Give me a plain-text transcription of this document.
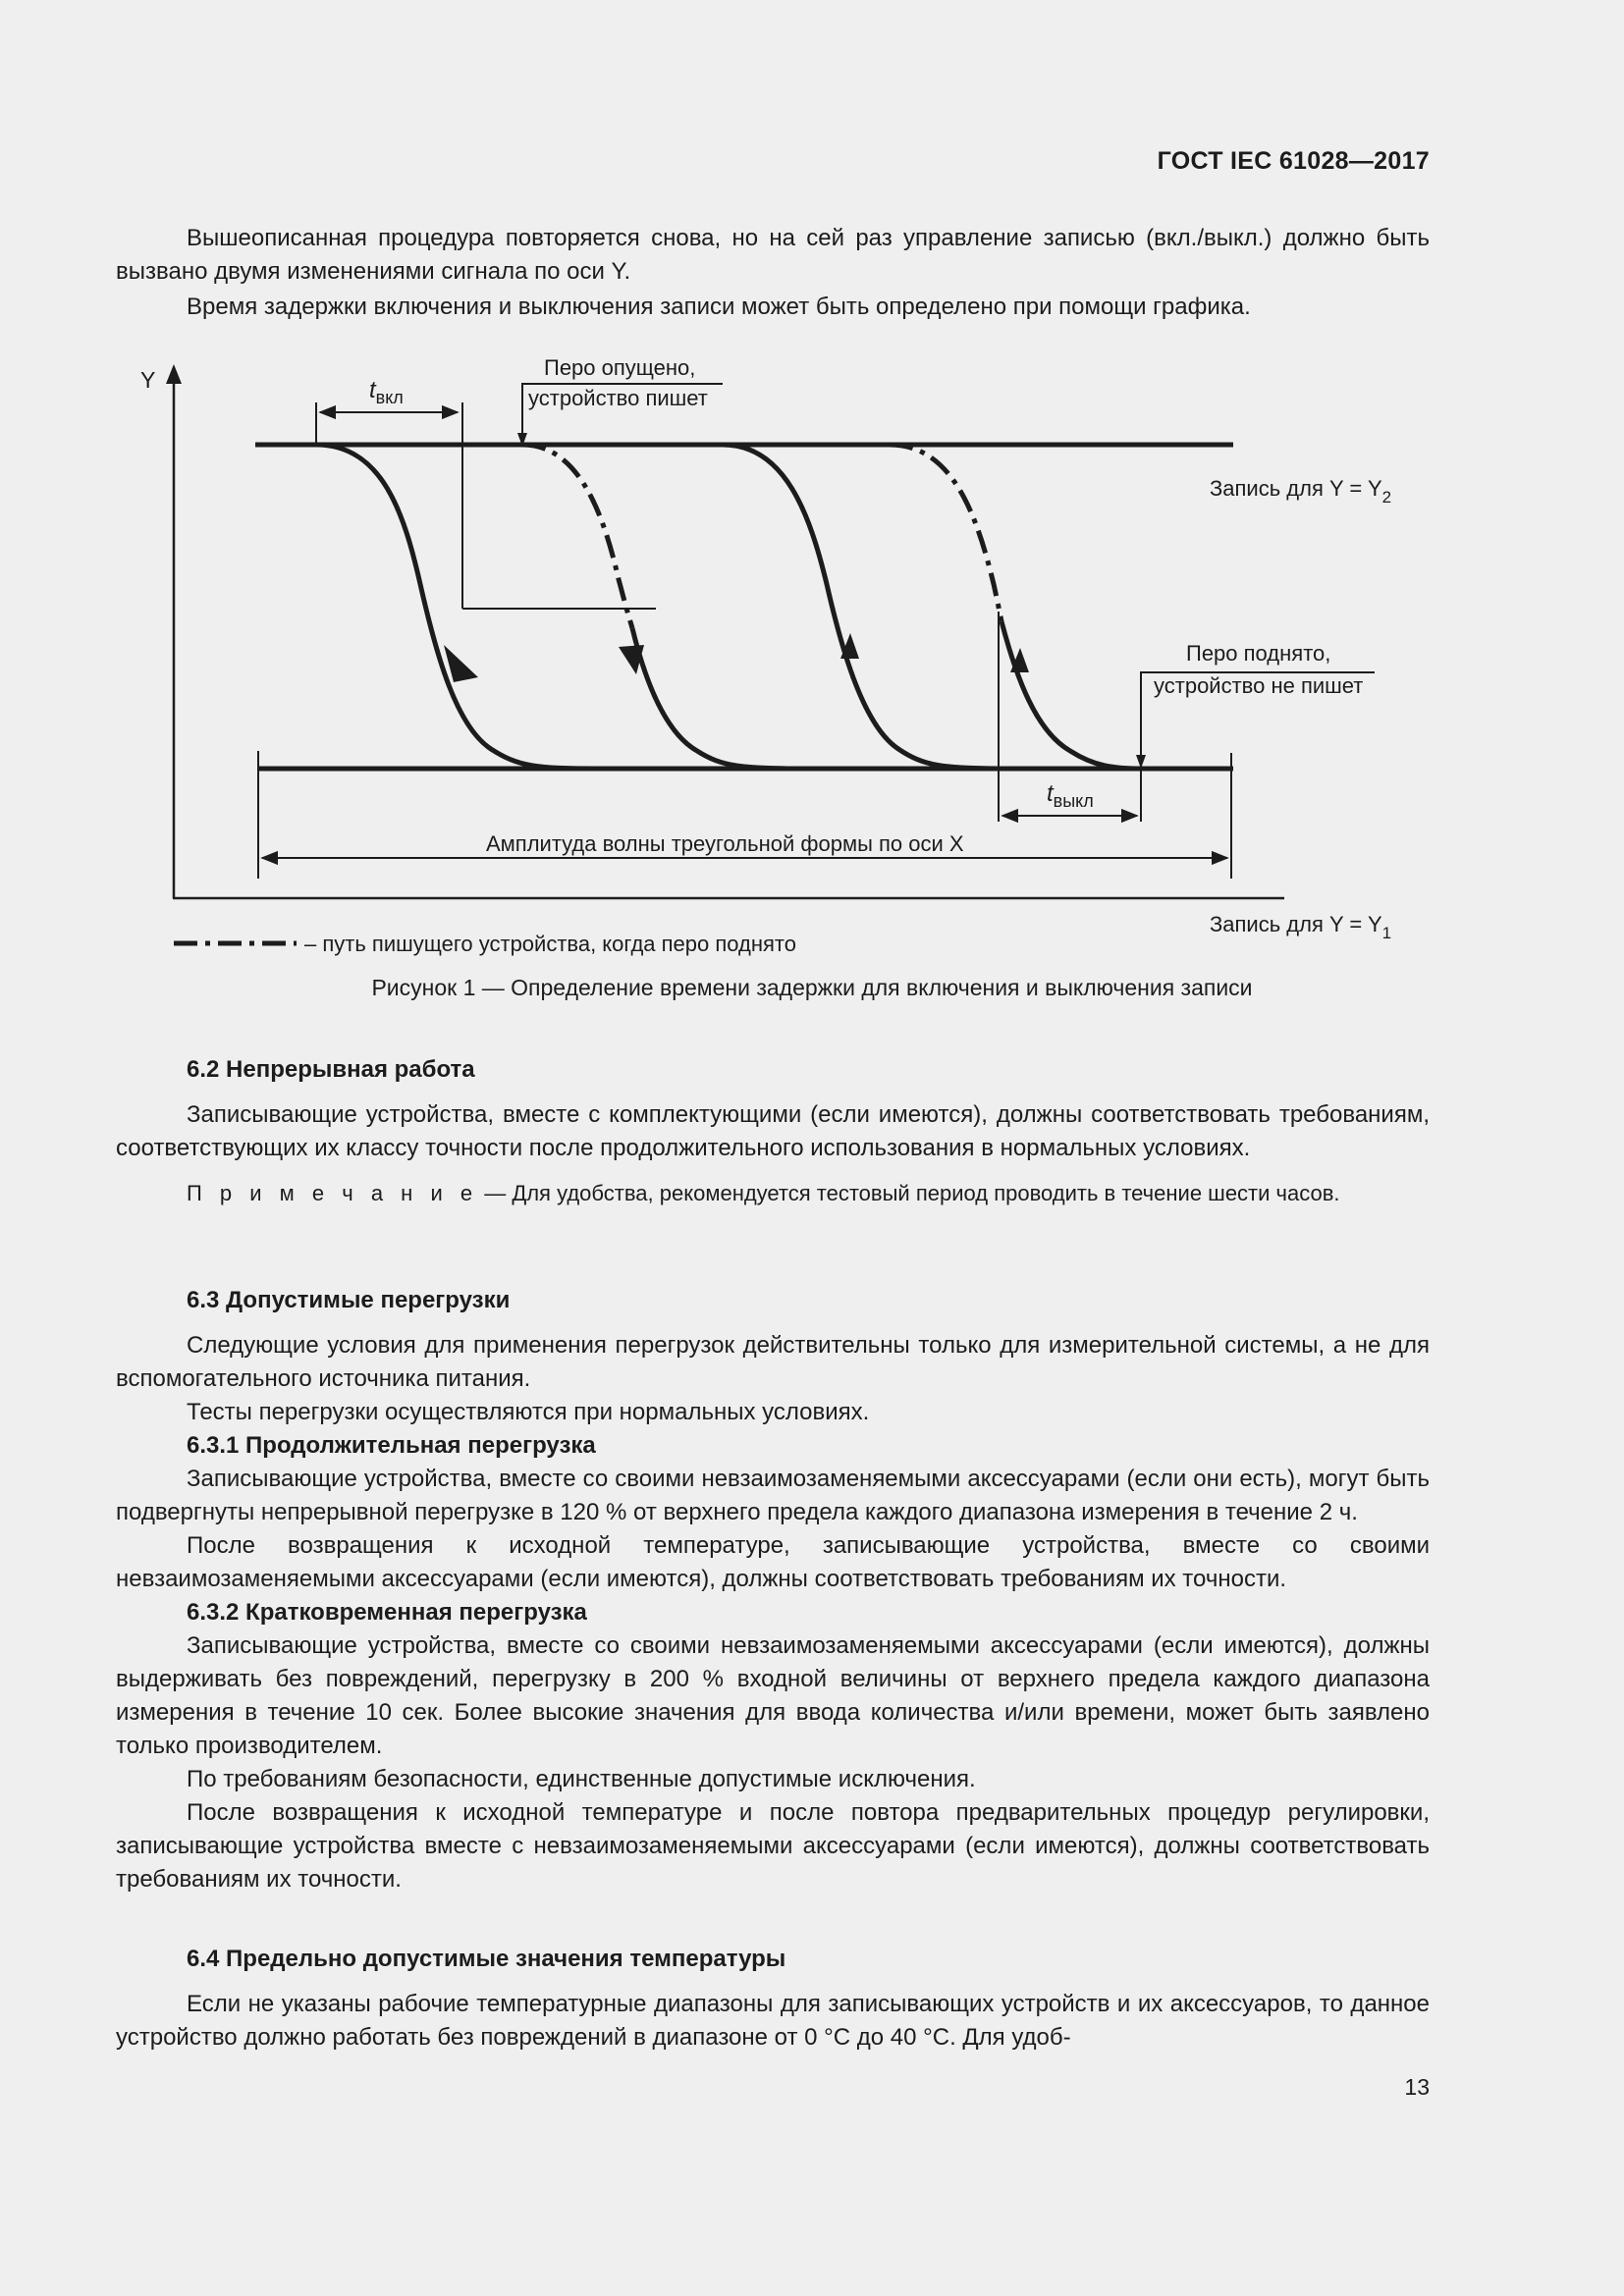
ГОСТ IEC 61028—2017

Вышеописанная процедура повторяется снова, но на сей раз управление записью (вкл./выкл.) должно быть вызвано двумя изменениями сигнала по оси Y.

Время задержки включения и выключения записи может быть определено при помощи графика.

Y	$t_{вкл}$
Перо опущено,
устройство пишет
Запись для $Y = Y_2$
Перо поднято,
устройство не пишет
$t_{выкл}$
Амплитуда волны треугольной формы по оси X
Запись для $Y = Y_1$
– путь пишущего устройства, когда перо поднято
Рисунок 1 — Определение времени задержки для включения и выключения записи

6.2 Непрерывная работа

Записывающие устройства, вместе с комплектующими (если имеются), должны соответствовать требованиям, соответствующих их классу точности после продолжительного использования в нормальных условиях.

П р и м е ч а н и е — Для удобства, рекомендуется тестовый период проводить в течение шести часов.

6.3 Допустимые перегрузки

Следующие условия для применения перегрузок действительны только для измерительной системы, а не для вспомогательного источника питания.

Тесты перегрузки осуществляются при нормальных условиях.

6.3.1 Продолжительная перегрузка

Записывающие устройства, вместе со своими невзаимозаменяемыми аксессуарами (если они есть), могут быть подвергнуты непрерывной перегрузке в 120 % от верхнего предела каждого диапазона измерения в течение 2 ч.

После возвращения к исходной температуре, записывающие устройства, вместе со своими невзаимозаменяемыми аксессуарами (если имеются), должны соответствовать требованиям их точности.

6.3.2 Кратковременная перегрузка

Записывающие устройства, вместе со своими невзаимозаменяемыми аксессуарами (если имеются), должны выдерживать без повреждений, перегрузку в 200 % входной величины от верхнего предела каждого диапазона измерения в течение 10 сек. Более высокие значения для ввода количества и/или времени, может быть заявлено только производителем.

По требованиям безопасности, единственные допустимые исключения.

После возвращения к исходной температуре и после повтора предварительных процедур регулировки, записывающие устройства вместе с невзаимозаменяемыми аксессуарами (если имеются), должны соответствовать требованиям их точности.

6.4 Предельно допустимые значения температуры

Если не указаны рабочие температурные диапазоны для записывающих устройств и их аксессуаров, то данное устройство должно работать без повреждений в диапазоне от 0 °C до 40 °C. Для удоб-

13
